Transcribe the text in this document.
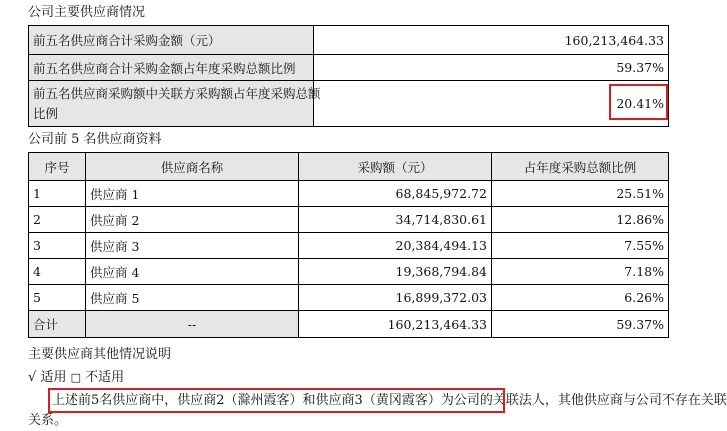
公司主要供应商情况
前五名供应商合计采购金额（元）	160,213,464.33
前五名供应商合计采购金额占年度采购总额比例	59.37%

前五名供应商采购额中关联方采购额占年度采购总额
比例	20.41%
公司前 5 名供应商资料
序号	供应商名称	采购额（元）	占年度采购总额比例
1	供应商 1	68,845,972.72	25.51%
2	供应商 2	34,714,830.61	12.86%
3	供应商 3	20,384,494.13	7.55%
4	供应商 4	19,368,794.84	7.18%
5	供应商 5	16,899,372.03	6.26%
合计	--	160,213,464.33	59.37%
主要供应商其他情况说明
√ 适用 □ 不适用
上述前5名供应商中，供应商2（滁州霞客）和供应商3（黄冈霞客）为公司的关联法人，其他供应商与公司不存在关联
关系。
